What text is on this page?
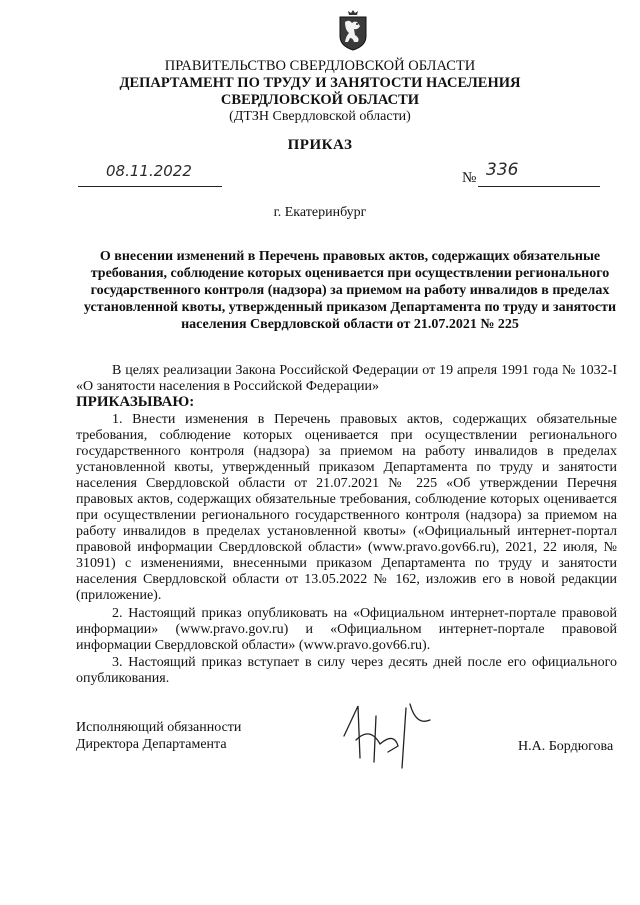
ПРАВИТЕЛЬСТВО СВЕРДЛОВСКОЙ ОБЛАСТИ
ДЕПАРТАМЕНТ ПО ТРУДУ И ЗАНЯТОСТИ НАСЕЛЕНИЯ
СВЕРДЛОВСКОЙ ОБЛАСТИ
(ДТЗН Свердловской области)
ПРИКАЗ
08.11.2022	№ 336
г. Екатеринбург
О внесении изменений в Перечень правовых актов, содержащих обязательные требования, соблюдение которых оценивается при осуществлении регионального государственного контроля (надзора) за приемом на работу инвалидов в пределах установленной квоты, утвержденный приказом Департамента по труду и занятости населения Свердловской области от 21.07.2021 № 225
В целях реализации Закона Российской Федерации от 19 апреля 1991 года № 1032-I «О занятости населения в Российской Федерации»
ПРИКАЗЫВАЮ:
1. Внести изменения в Перечень правовых актов, содержащих обязательные требования, соблюдение которых оценивается при осуществлении регионального государственного контроля (надзора) за приемом на работу инвалидов в пределах установленной квоты, утвержденный приказом Департамента по труду и занятости населения Свердловской области от 21.07.2021 № 225 «Об утверждении Перечня правовых актов, содержащих обязательные требования, соблюдение которых оценивается при осуществлении регионального государственного контроля (надзора) за приемом на работу инвалидов в пределах установленной квоты» («Официальный интернет-портал правовой информации Свердловской области» (www.pravo.gov66.ru), 2021, 22 июля, № 31091) с изменениями, внесенными приказом Департамента по труду и занятости населения Свердловской области от 13.05.2022 № 162, изложив его в новой редакции (приложение).
2. Настоящий приказ опубликовать на «Официальном интернет-портале правовой информации» (www.pravo.gov.ru) и «Официальном интернет-портале правовой информации Свердловской области» (www.pravo.gov66.ru).
3. Настоящий приказ вступает в силу через десять дней после его официального опубликования.
Исполняющий обязанности
Директора Департамента	Н.А. Бордюгова
